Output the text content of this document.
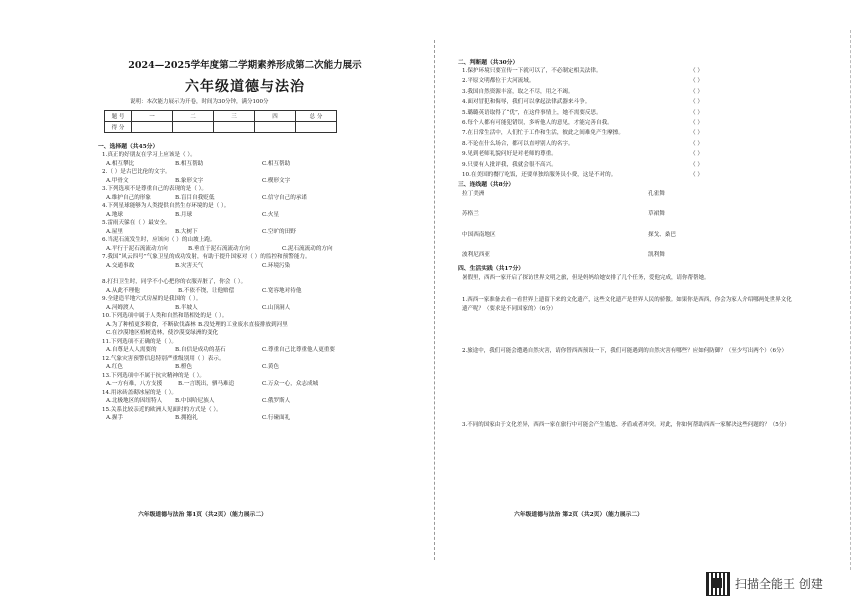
2024—2025学年度第二学期素养形成第二次能力展示
六年级道德与法治
说明：本次能力展示为开卷，时间为30分钟，满分100分
题 号	一	二	三	四	总 分
得 分					
一、选择题（共45分）
1.真正的好朋友在学习上应该是（ ）。
A.相互攀比	B.相互帮助	C.相互帮助
2.（ ）是古巴比伦的文字。
A.甲骨文	B.象形文字	C.楔形文字
3.下列选项不是尊重自己的表现的是（ ）。
A.维护自己的形象	B.盲目自我贬低	C.信守自己的承诺
4.下列星球能够为人类提供自然生存环境的是（ ）。
A.地球	B.月球	C.火星
5.雷雨天躲在（ ）最安全。
A.屋里	B.大树下	C.空旷的田野
6.当泥石流发生时，应该向（ ）的山坡上跑。
A.平行于泥石流流动方向	B.垂直于泥石流流动方向	C.泥石流流动的方向
7.我国“风云四号”气象卫星的成功发射，有助于提升国家对（ ）的监控和预警能力。
A.交通事故	B.灾害天气	C.环境污染
8.打扫卫生时，同学不小心把你的衣服弄脏了，你会（ ）。
A.从此不理他	B.不依不饶，让他赔偿	C.宽容地对待他
9.全建造半地穴式房屋的是我国的（ ）。
A.河姆渡人	B.半坡人	C.山顶洞人
10.下列选项中属于人类和自然和谐相处的是（ ）。
A.为了种植更多粮食，不断砍伐森林 B.没处理的工业废水直接排放到河里
C.在沙漠地区植树造林，使沙漠变绿洲的变化
11.下列选项不正确的是（ ）。
A.自尊是人人需要的	B.自信是成功的基石	C.尊重自己比尊重他人更重要
12.气象灾害预警信息特别严重级别用（ ）表示。
A.红色	B.橙色	C.黄色
13.下列选项中不属于抗灾精神的是（ ）。
A.一方有难，八方支援	B.一言既出，驷马难追	C.万众一心，众志成城
14.用冰砖盖砌冰屋的是（ ）。
A.北极地区的因纽特人 B.中国哈尼族人	C.俄罗斯人
15.关系比较亲近的欧洲人见面时的方式是（ ）。
A.握手	B.拥抱礼	C.行碰面礼
六年级道德与法治 第1页（共2页）（能力展示二）
二、判断题（共30分）
1.保护环境只要宣传一下就可以了，不必制定相关法律。	（ ）
2.平原文明都位于大河流域。	（ ）
3.我国自然资源丰富，取之不尽，用之不竭。	（ ）
4.面对冒犯和侮辱，我们可以拿起法律武器来斗争。	（ ）
5.璐璐英语取得了“优”，在这件事情上，她不需要反思。	（ ）
6.每个人都有可能犯错误，多听他人的意见，才能完善自我。	（ ）
7.在日常生活中，人们忙于工作和生活，彼此之间难免产生摩擦。	（ ）
8.不论在什么场合，都可以直呼别人的名字。	（ ）
9.见到老师礼貌问好是对老师的尊重。	（ ）
9.只要有人批评我，我就会很不高兴。	（ ）
10.在美国的餐厅吃饭，还要单独给服务员小费，这是不对的。	（ ）
三、连线题（共8分）
拉丁美洲
苏格兰
中国西南地区
波利尼西亚
孔雀舞
草裙舞
探戈、桑巴
凯利舞
四、生活实践（共17分）
暑假里，西西一家开启了探访世界文明之旅，但是妈妈给她安排了几个任务，爱他完成，请你帮帮她。
1.西西一家准备去看一看世界上遗留下来的文化遗产，这些文化遗产是世界人民的骄傲。如果你是西西，你会为家人介绍哪两处世界文化遗产呢？（要求是不同国家的）（6分）
2.旅途中，我们可能会遭遇自然灾害，请你替西西预设一下，我们可能遇到的自然灾害有哪些？应如何防御？（至少写出两个）（6分）
3.不同的国家由于文化差异，西西一家在旅行中可能会产生尴尬、矛盾或者冲突。对此，你如何帮助西西一家解决这些问题的？（5分）
六年级道德与法治 第2页（共2页）（能力展示二）
扫描全能王 创建
